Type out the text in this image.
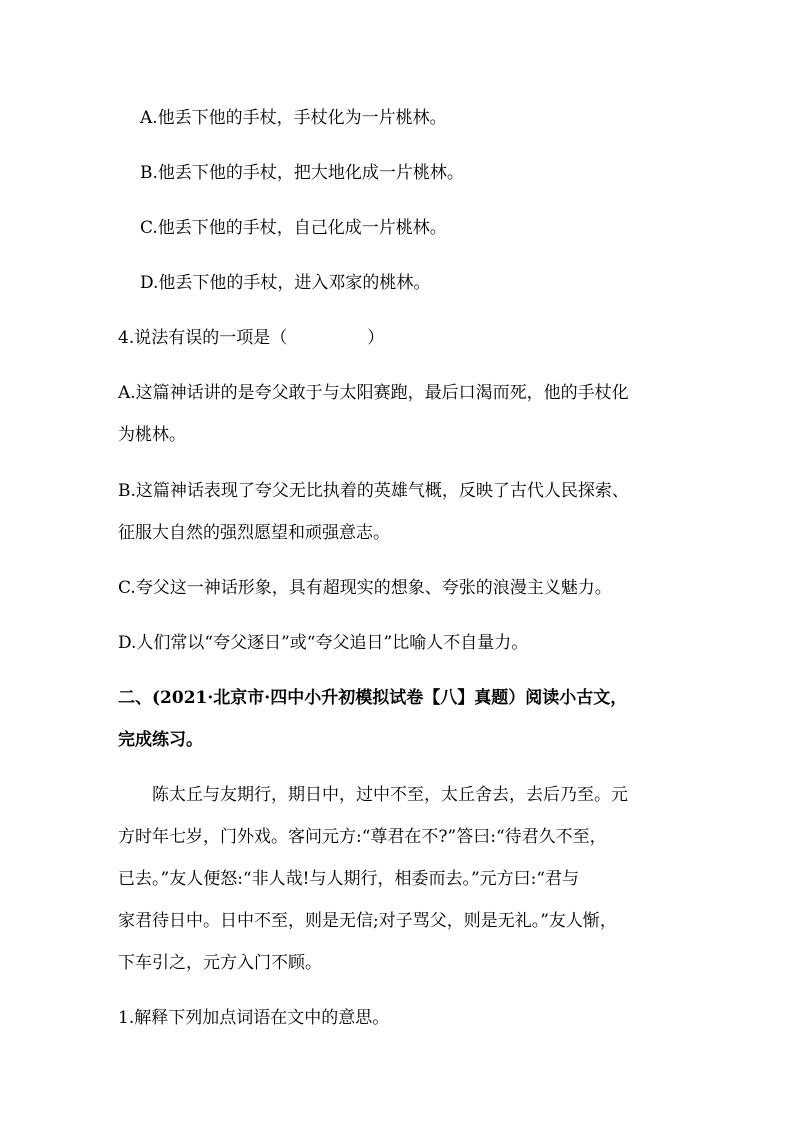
A.他丢下他的手杖，手杖化为一片桃林。
B.他丢下他的手杖，把大地化成一片桃林。
C.他丢下他的手杖，自己化成一片桃林。
D.他丢下他的手杖，进入邓家的桃林。
4.说法有误的一项是（	）
A.这篇神话讲的是夸父敢于与太阳赛跑，最后口渴而死，他的手杖化
为桃林。
B.这篇神话表现了夸父无比执着的英雄气概，反映了古代人民探索、
征服大自然的强烈愿望和顽强意志。
C.夸父这一神话形象，具有超现实的想象、夸张的浪漫主义魅力。
D.人们常以“夸父逐日”或“夸父追日”比喻人不自量力。
二、(2021·北京市·四中小升初模拟试卷【八】真题）阅读小古文，
完成练习。
　　陈太丘与友期行，期日中，过中不至，太丘舍去，去后乃至。元
方时年七岁，门外戏。客问元方:“尊君在不?”答曰:“待君久不至，
已去。”友人便怒:“非人哉!与人期行，相委而去。”元方曰:“君与
家君待日中。日中不至，则是无信;对子骂父，则是无礼。”友人惭，
下车引之，元方入门不顾。
1.解释下列加点词语在文中的意思。
